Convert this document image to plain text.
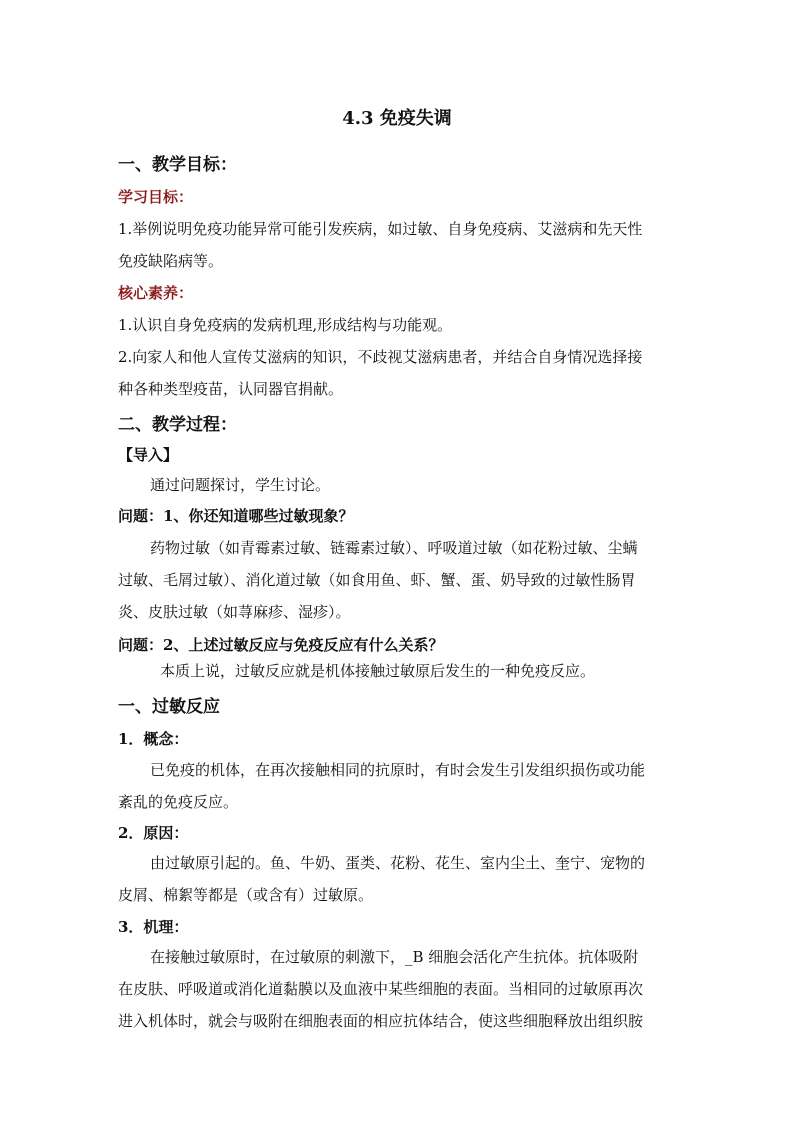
4.3 免疫失调
一、教学目标：
学习目标：
1.举例说明免疫功能异常可能引发疾病，如过敏、自身免疫病、艾滋病和先天性
免疫缺陷病等。
核心素养：
1.认识自身免疫病的发病机理,形成结构与功能观。
2.向家人和他人宣传艾滋病的知识，不歧视艾滋病患者，并结合自身情况选择接
种各种类型疫苗，认同器官捐献。
二、教学过程：
【导入】
通过问题探讨，学生讨论。
问题：1、你还知道哪些过敏现象？
药物过敏（如青霉素过敏、链霉素过敏）、呼吸道过敏（如花粉过敏、尘螨
过敏、毛屑过敏）、消化道过敏（如食用鱼、虾、蟹、蛋、奶导致的过敏性肠胃
炎、皮肤过敏（如荨麻疹、湿疹）。
问题：2、上述过敏反应与免疫反应有什么关系？
本质上说，过敏反应就是机体接触过敏原后发生的一种免疫反应。
一、过敏反应
1．概念：
已免疫的机体，在再次接触相同的抗原时，有时会发生引发组织损伤或功能
紊乱的免疫反应。
2．原因：
由过敏原引起的。鱼、牛奶、蛋类、花粉、花生、室内尘土、奎宁、宠物的
皮屑、棉絮等都是（或含有）过敏原。
3．机理：
在接触过敏原时，在过敏原的刺激下，_B 细胞会活化产生抗体。抗体吸附
在皮肤、呼吸道或消化道黏膜以及血液中某些细胞的表面。当相同的过敏原再次
进入机体时，就会与吸附在细胞表面的相应抗体结合，使这些细胞释放出组织胺
